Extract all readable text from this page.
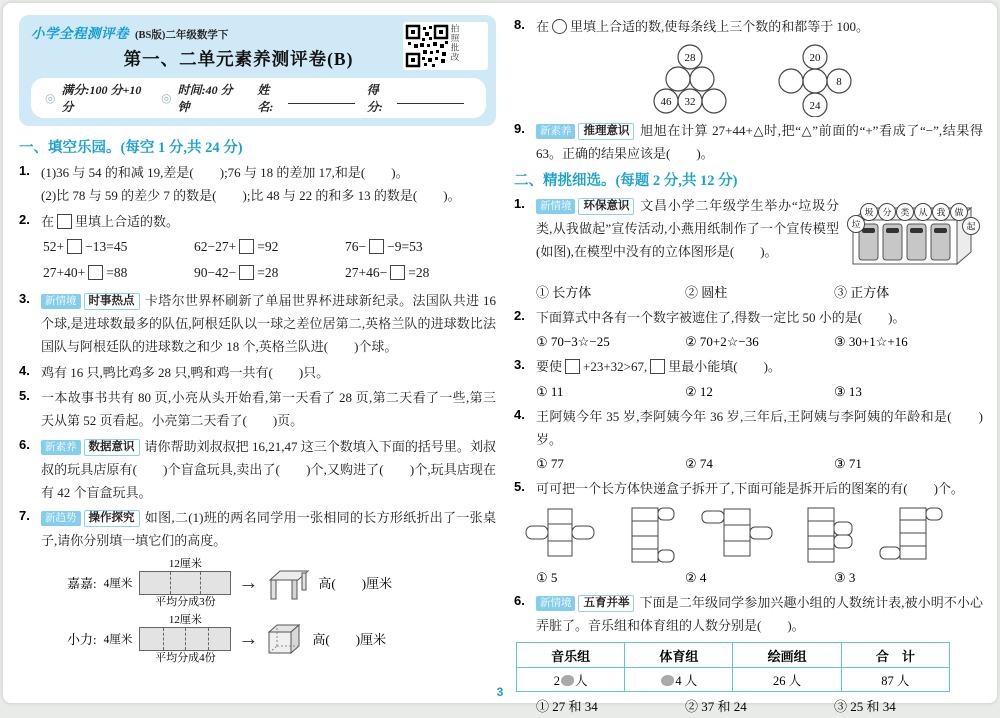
小学全程测评卷 (BS版)二年级数学下
第一、二单元素养测评卷(B)
◎
满分:100 分+10 分
◎
时间:40 分钟
姓名:
得分:
拍照批改
一、填空乐园。(每空 1 分,共 24 分)
1. (1)36 与 54 的和减 19,差是(　　);76 与 18 的差加 17,和是(　　)。
(2)比 78 与 59 的差少 7 的数是(　　);比 48 与 22 的和多 13 的数是(　　)。
2. 在 里填上合适的数。
52+ −13=45	62−27+ =92	76− −9=53
27+40+ =88	90−42− =28	27+46− =28
3.	新情境 时事热点 卡塔尔世界杯刷新了单届世界杯进球新纪录。法国队共进 16 个球,是进球数最多的队伍,阿根廷队以一球之差位居第二,英格兰队的进球数比法国队与阿根廷队的进球数之和少 18 个,英格兰队进(　　)个球。
4. 鸡有 16 只,鸭比鸡多 28 只,鸭和鸡一共有(　　)只。
5. 一本故事书共有 80 页,小亮从头开始看,第一天看了 28 页,第二天看了一些,第三天从第 52 页看起。小亮第二天看了(　　)页。
6.	新素养 数据意识 请你帮助刘叔叔把 16,21,47 这三个数填入下面的括号里。刘叔叔的玩具店原有(　　)个盲盒玩具,卖出了(　　)个,又购进了(　　)个,玩具店现在有 42 个盲盒玩具。
7.	新趋势 操作探究 如图,二(1)班的两名同学用一张相同的长方形纸折出了一张桌子,请你分别填一填它们的高度。
嘉嘉: 4厘米
12厘米
平均分成3份
→	高(　　)厘米
小力: 4厘米
12厘米
平均分成4份
→	高(　　)厘米
8. 在 里填上合适的数,使每条线上三个数的和都等于 100。
28
46 32
20
8
24
9.	新素养 推理意识 旭旭在计算 27+44+△时,把“△”前面的“+”看成了“−”,结果得 63。正确的结果应该是(　　)。
二、精挑细选。(每题 2 分,共 12 分)
1.
圾 分 类 从 我 做
垃	起
新情境 环保意识 文昌小学二年级学生举办“垃圾分类,从我做起”宣传活动,小燕用纸制作了一个宣传模型(如图),在模型中没有的立体图形是(　　)。
① 长方体	② 圆柱	③ 正方体
2. 下面算式中各有一个数字被遮住了,得数一定比 50 小的是(　　)。
① 70−3☆−25	② 70+2☆−36	③ 30+1☆+16
3. 要使 +23+32>67, 里最小能填(　　)。
① 11	② 12	③ 13
4. 王阿姨今年 35 岁,李阿姨今年 36 岁,三年后,王阿姨与李阿姨的年龄和是(　　)岁。
① 77	② 74	③ 71
5. 可可把一个长方体快递盒子拆开了,下面可能是拆开后的图案的有(　　)个。
① 5	② 4	③ 3
6.	新情境 五育并举 下面是二年级同学参加兴趣小组的人数统计表,被小明不小心弄脏了。音乐组和体育组的人数分别是(　　)。
音乐组	体育组	绘画组	合　计
2 人	4 人	26 人	87 人
① 27 和 34	② 37 和 24	③ 25 和 34
3
